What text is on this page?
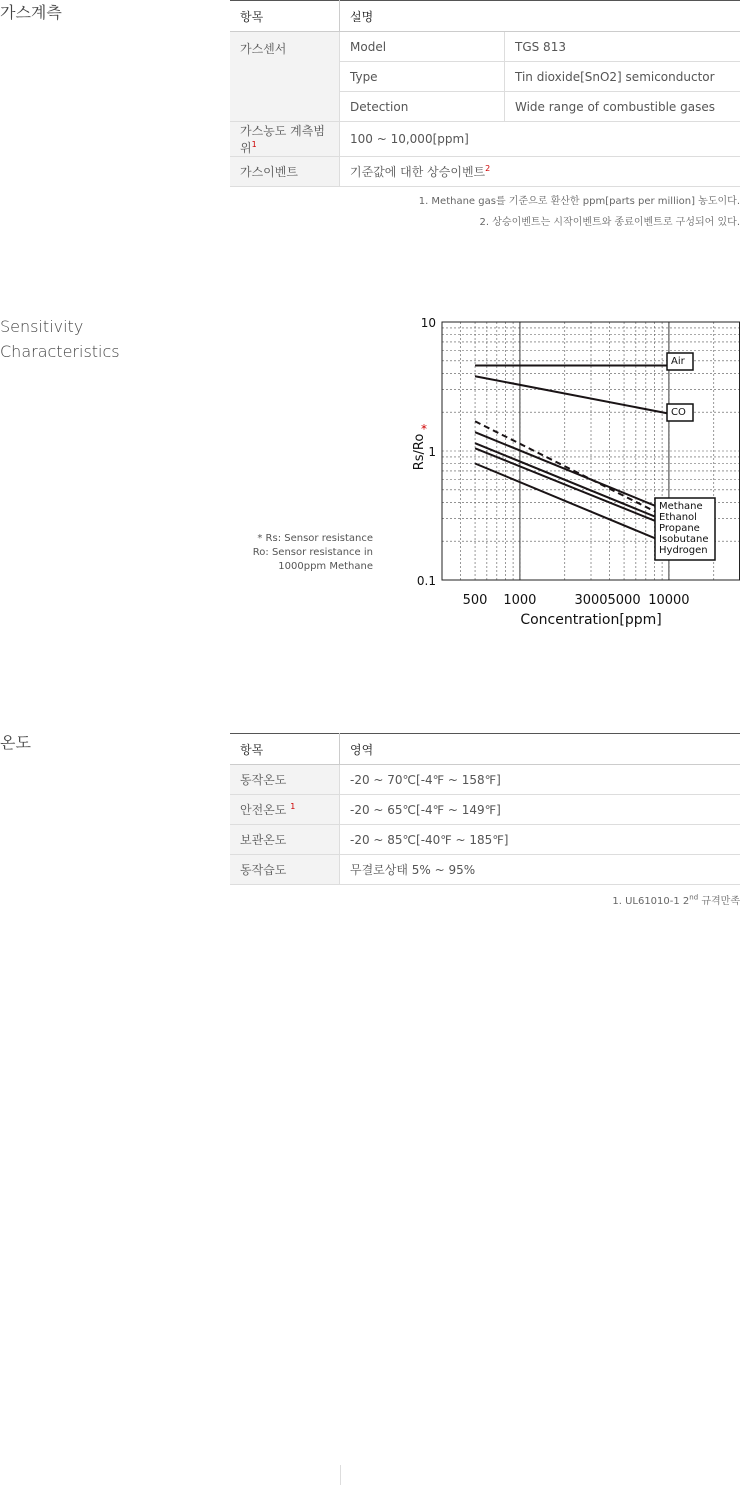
가스계측	항목	설명	
가스센서	Model	TGS 813
	Type	Tin dioxide[SnO2] semiconductor
	Detection	Wide range of combustible gases
가스농도 계측범위$^1$	100 ~ 10,000[ppm]	
가스이벤트	기준값에 대한 상승이벤트$^2$
1. Methane gas를 기준으로 환산한 ppm[parts per million] 농도이다.
2. 상승이벤트는 시작이벤트와 종료이벤트로 구성되어 있다.
Sensitivity
Characteristics
* Rs: Sensor resistance
Ro: Sensor resistance in
1000ppm Methane
0.1
1
10
500 1000	3000 5000 10000
Concentration[ppm]
Rs/Ro
*
Air
CO
Methane
Ethanol
Propane
Isobutane
Hydrogen
온도	항목	영역
동작온도	-20 ~ 70℃[-4℉ ~ 158℉]
안전온도 $^1$	-20 ~ 65℃[-4℉ ~ 149℉]
보관온도	-20 ~ 85℃[-40℉ ~ 185℉]
동작습도	무결로상태 5% ~ 95%
1. UL61010-1 2nd 규격만족
